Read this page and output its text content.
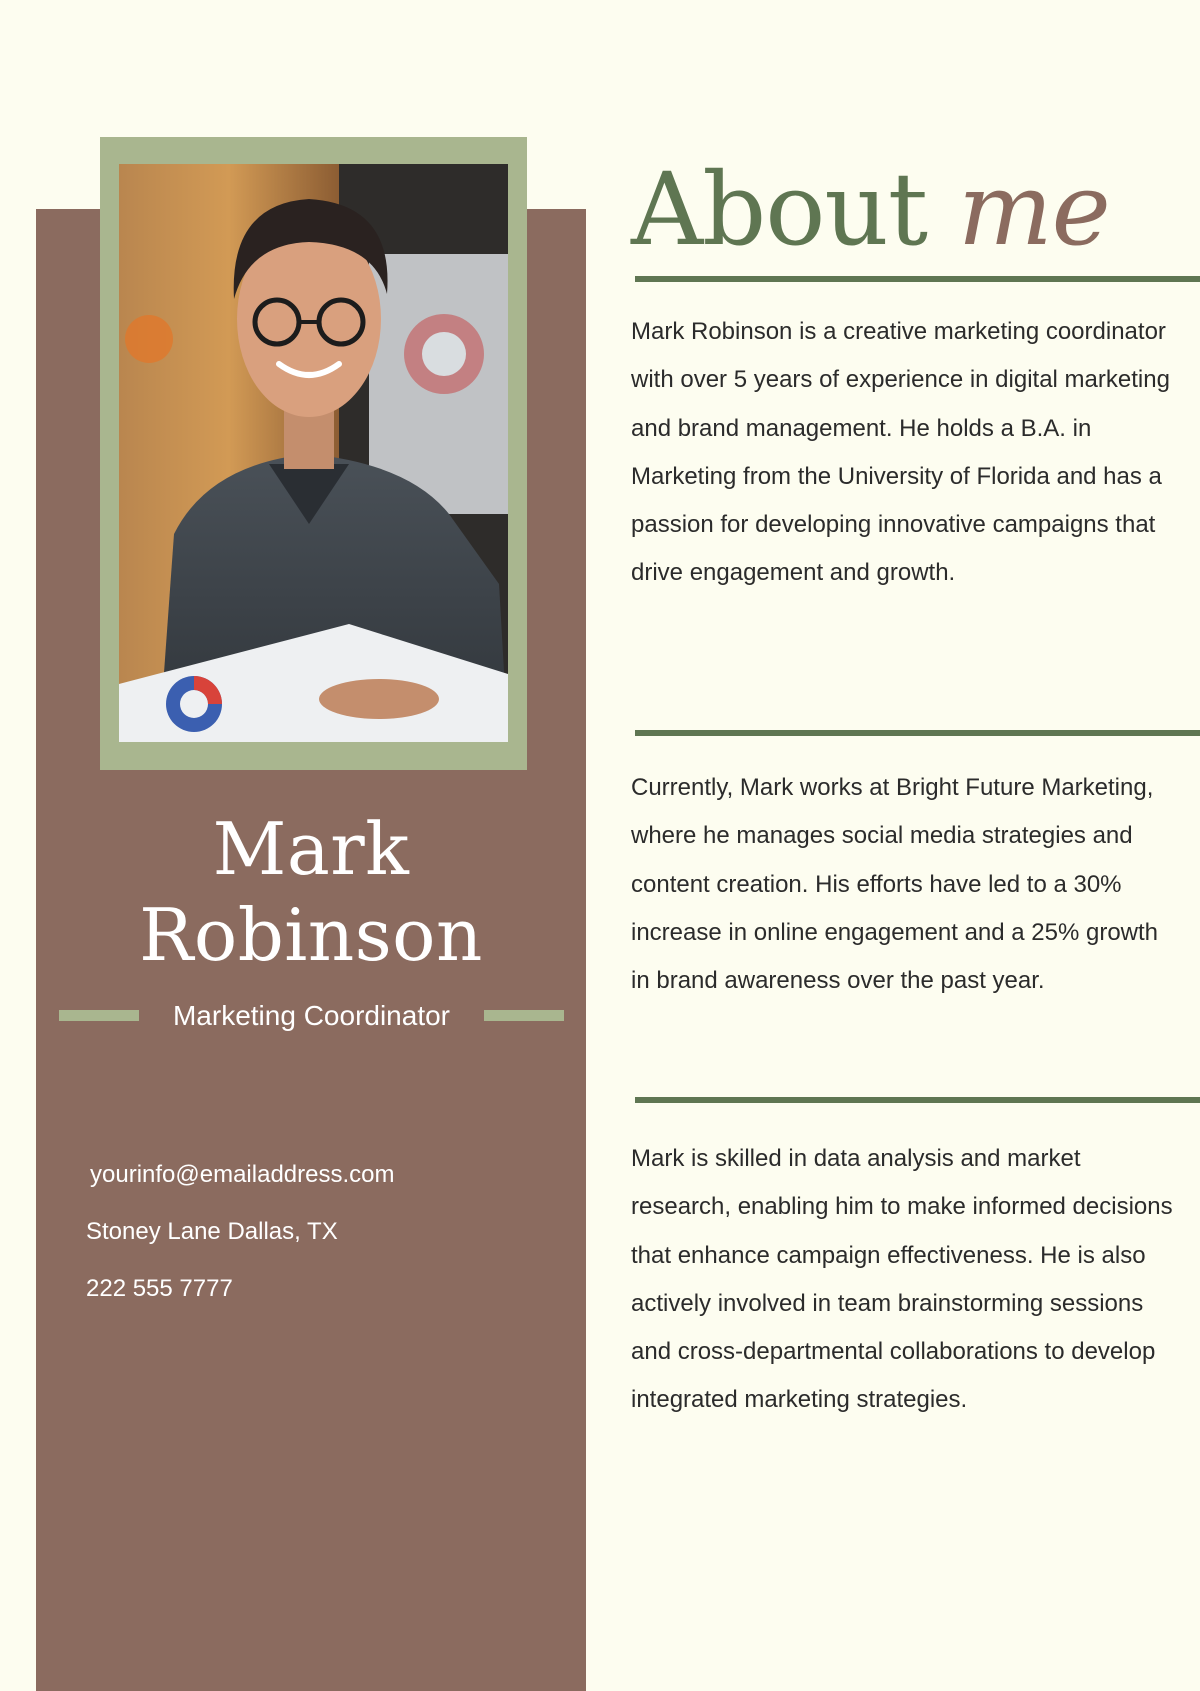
Mark
Robinson
Marketing Coordinator
yourinfo@emailaddress.com
Stoney Lane Dallas, TX
222 555 7777
About me
Mark Robinson is a creative marketing coordinator with over 5 years of experience in digital marketing and brand management. He holds a B.A. in Marketing from the University of Florida and has a passion for developing innovative campaigns that drive engagement and growth.
Currently, Mark works at Bright Future Marketing, where he manages social media strategies and content creation. His efforts have led to a 30% increase in online engagement and a 25% growth in brand awareness over the past year.
Mark is skilled in data analysis and market research, enabling him to make informed decisions that enhance campaign effectiveness. He is also actively involved in team brainstorming sessions and cross-departmental collaborations to develop integrated marketing strategies.
